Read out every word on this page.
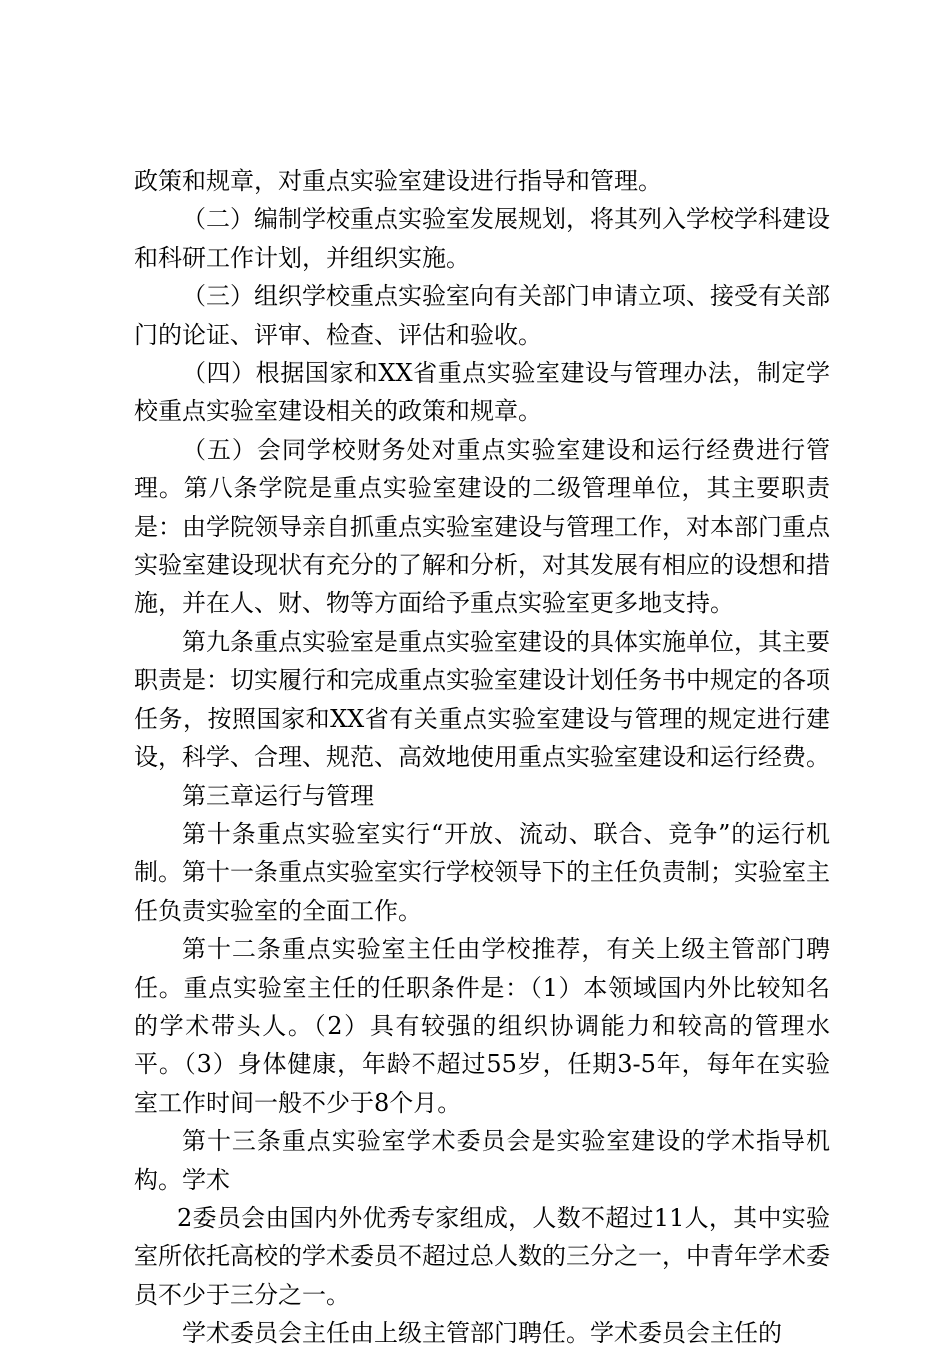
政策和规章，对重点实验室建设进行指导和管理。

（二）编制学校重点实验室发展规划，将其列入学校学科建设和科研工作计划，并组织实施。

（三）组织学校重点实验室向有关部门申请立项、接受有关部门的论证、评审、检查、评估和验收。

（四）根据国家和XX省重点实验室建设与管理办法，制定学校重点实验室建设相关的政策和规章。

（五）会同学校财务处对重点实验室建设和运行经费进行管理。第八条学院是重点实验室建设的二级管理单位，其主要职责是：由学院领导亲自抓重点实验室建设与管理工作，对本部门重点实验室建设现状有充分的了解和分析，对其发展有相应的设想和措施，并在人、财、物等方面给予重点实验室更多地支持。

第九条重点实验室是重点实验室建设的具体实施单位，其主要职责是：切实履行和完成重点实验室建设计划任务书中规定的各项任务，按照国家和XX省有关重点实验室建设与管理的规定进行建设，科学、合理、规范、高效地使用重点实验室建设和运行经费。

第三章运行与管理

第十条重点实验室实行“开放、流动、联合、竞争”的运行机制。第十一条重点实验室实行学校领导下的主任负责制；实验室主任负责实验室的全面工作。

第十二条重点实验室主任由学校推荐，有关上级主管部门聘任。重点实验室主任的任职条件是：（1）本领域国内外比较知名的学术带头人。（2）具有较强的组织协调能力和较高的管理水平。（3）身体健康，年龄不超过55岁，任期3-5年，每年在实验室工作时间一般不少于8个月。

第十三条重点实验室学术委员会是实验室建设的学术指导机构。学术

2委员会由国内外优秀专家组成，人数不超过11人，其中实验室所依托高校的学术委员不超过总人数的三分之一，中青年学术委员不少于三分之一。

学术委员会主任由上级主管部门聘任。学术委员会主任的
